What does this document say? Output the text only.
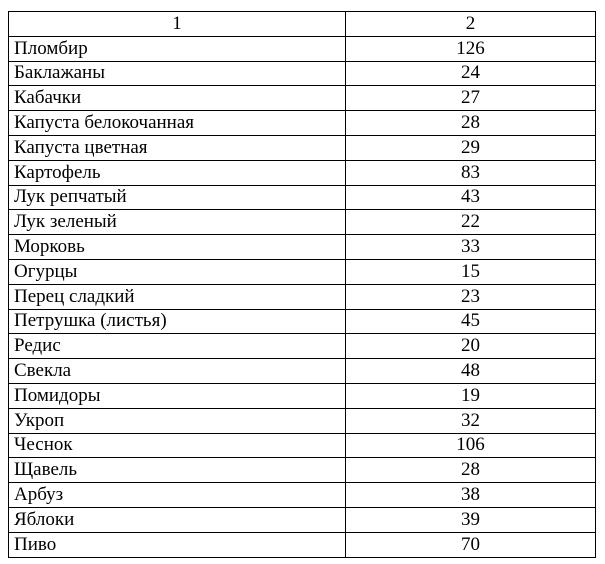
1	2
Пломбир	126
Баклажаны	24
Кабачки	27
Капуста белокочанная	28
Капуста цветная	29
Картофель	83
Лук репчатый	43
Лук зеленый	22
Морковь	33
Огурцы	15
Перец сладкий	23
Петрушка (листья)	45
Редис	20
Свекла	48
Помидоры	19
Укроп	32
Чеснок	106
Щавель	28
Арбуз	38
Яблоки	39
Пиво	70
